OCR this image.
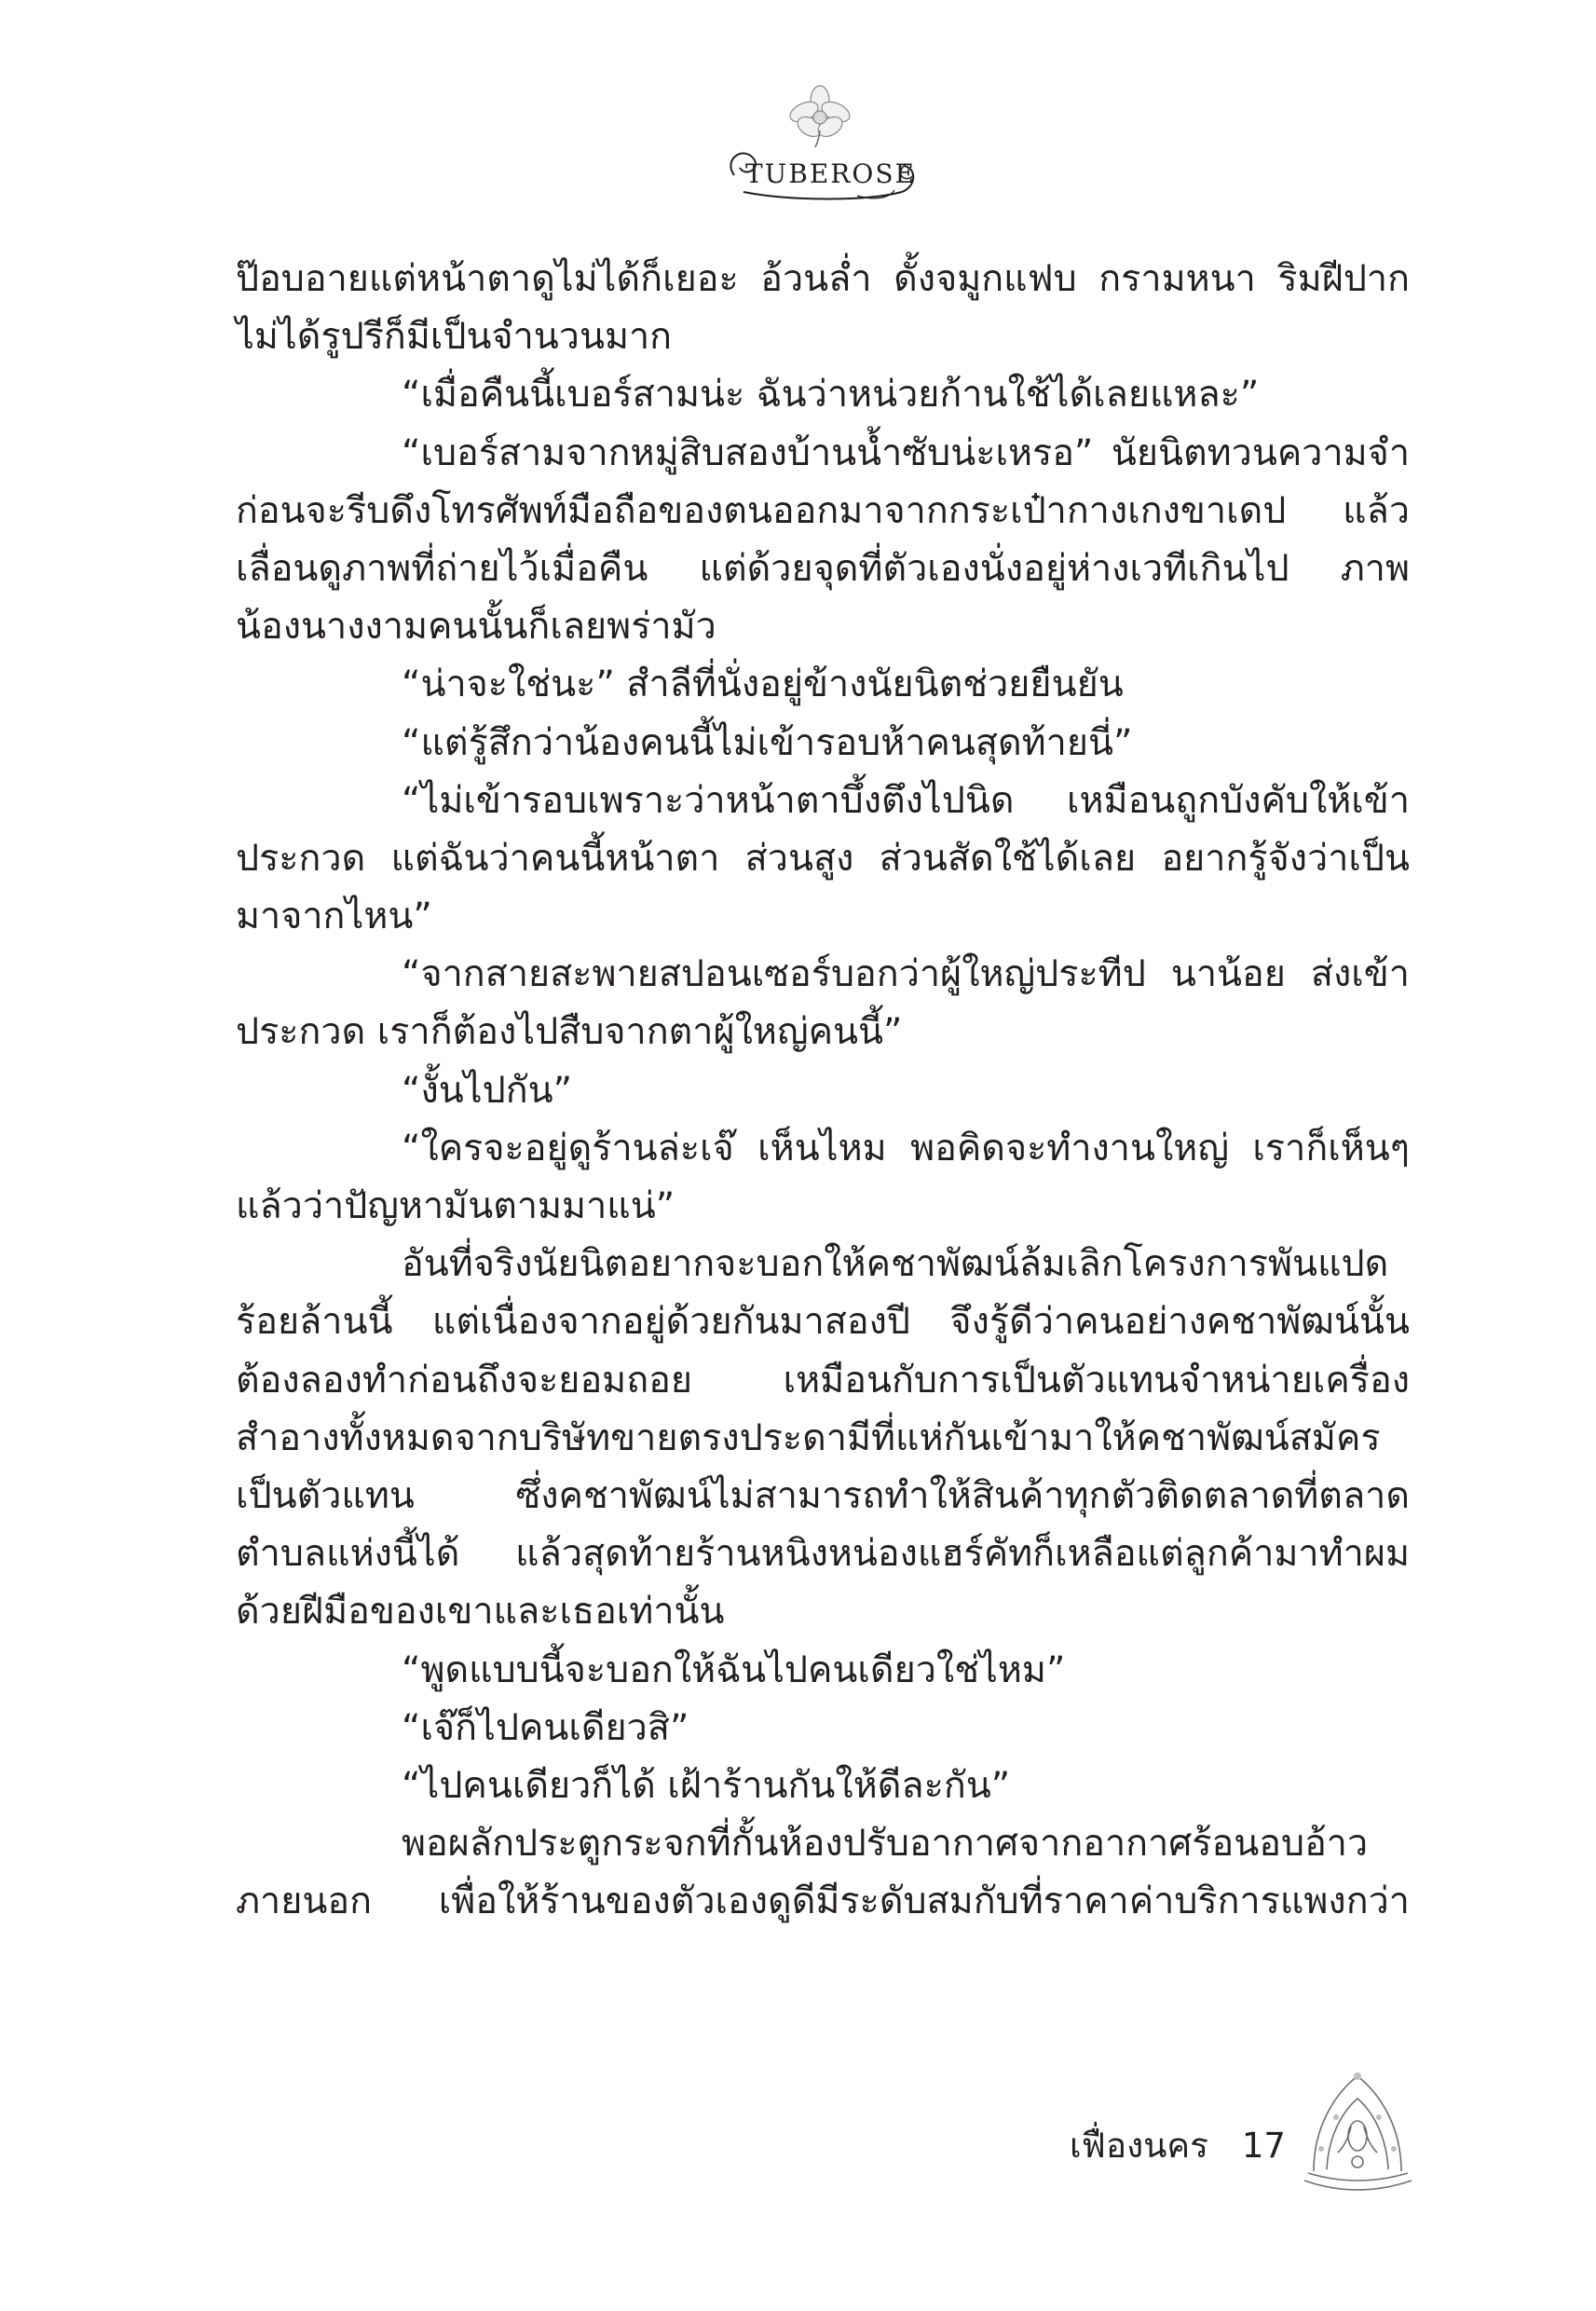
TUBEROSE
ป๊อบอายแต่หน้าตาดูไม่ได้ก็เยอะ อ้วนล่ำ ดั้งจมูกแฟบ กรามหนา ริมฝีปาก
ไม่ได้รูปรีก็มีเป็นจำนวนมาก
“เมื่อคืนนี้เบอร์สามน่ะ ฉันว่าหน่วยก้านใช้ได้เลยแหละ”
“เบอร์สามจากหมู่สิบสองบ้านน้ำซับน่ะเหรอ” นัยนิตทวนความจำ
ก่อนจะรีบดึงโทรศัพท์มือถือของตนออกมาจากกระเป๋ากางเกงขาเดป แล้ว
เลื่อนดูภาพที่ถ่ายไว้เมื่อคืน แต่ด้วยจุดที่ตัวเองนั่งอยู่ห่างเวทีเกินไป ภาพ
น้องนางงามคนนั้นก็เลยพร่ามัว
“น่าจะใช่นะ” สำลีที่นั่งอยู่ข้างนัยนิตช่วยยืนยัน
“แต่รู้สึกว่าน้องคนนี้ไม่เข้ารอบห้าคนสุดท้ายนี่”
“ไม่เข้ารอบเพราะว่าหน้าตาบึ้งตึงไปนิด เหมือนถูกบังคับให้เข้า
ประกวด แต่ฉันว่าคนนี้หน้าตา ส่วนสูง ส่วนสัดใช้ได้เลย อยากรู้จังว่าเป็น
มาจากไหน”
“จากสายสะพายสปอนเซอร์บอกว่าผู้ใหญ่ประทีป นาน้อย ส่งเข้า
ประกวด เราก็ต้องไปสืบจากตาผู้ใหญ่คนนี้”
“งั้นไปกัน”
“ใครจะอยู่ดูร้านล่ะเจ๊ เห็นไหม พอคิดจะทำงานใหญ่ เราก็เห็นๆ
แล้วว่าปัญหามันตามมาแน่”
อันที่จริงนัยนิตอยากจะบอกให้คชาพัฒน์ล้มเลิกโครงการพันแปด
ร้อยล้านนี้ แต่เนื่องจากอยู่ด้วยกันมาสองปี จึงรู้ดีว่าคนอย่างคชาพัฒน์นั้น
ต้องลองทำก่อนถึงจะยอมถอย เหมือนกับการเป็นตัวแทนจำหน่ายเครื่อง
สำอางทั้งหมดจากบริษัทขายตรงประดามีที่แห่กันเข้ามาให้คชาพัฒน์สมัคร
เป็นตัวแทน ซึ่งคชาพัฒน์ไม่สามารถทำให้สินค้าทุกตัวติดตลาดที่ตลาด
ตำบลแห่งนี้ได้ แล้วสุดท้ายร้านหนิงหน่องแฮร์คัทก็เหลือแต่ลูกค้ามาทำผม
ด้วยฝีมือของเขาและเธอเท่านั้น
“พูดแบบนี้จะบอกให้ฉันไปคนเดียวใช่ไหม”
“เจ๊ก็ไปคนเดียวสิ”
“ไปคนเดียวก็ได้ เฝ้าร้านกันให้ดีละกัน”
พอผลักประตูกระจกที่กั้นห้องปรับอากาศจากอากาศร้อนอบอ้าว
ภายนอก เพื่อให้ร้านของตัวเองดูดีมีระดับสมกับที่ราคาค่าบริการแพงกว่า
เฟื่องนคร 17
